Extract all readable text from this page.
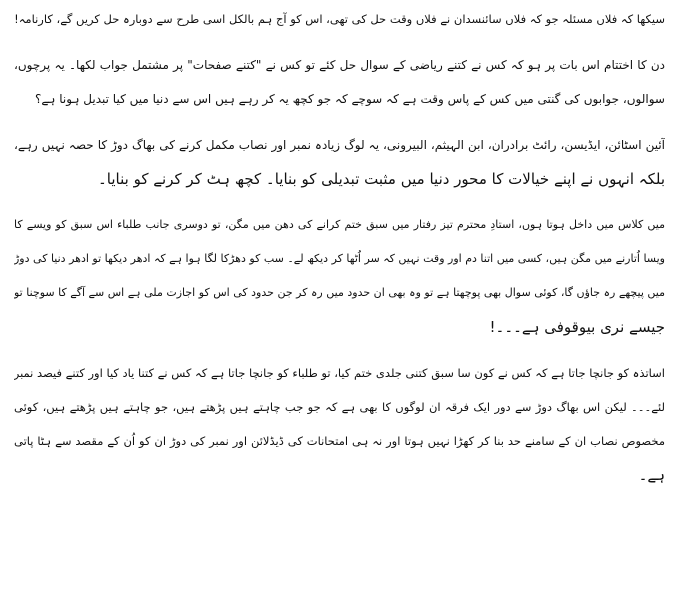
سیکھا کہ فلاں مسئلہ جو کہ فلاں سائنسدان نے فلاں وقت حل کی تھی، اس کو آج ہم بالکل اسی طرح سے دوبارہ حل کریں گے، کارنامہ!
دن کا اختتام اس بات پر ہو کہ کس نے کتنے ریاضی کے سوال حل کئے تو کس نے "کتنے صفحات" پر مشتمل جواب لکھا۔ یہ پرچوں،
سوالوں، جوابوں کی گنتی میں کس کے پاس وقت ہے کہ سوچے کہ جو کچھ یہ کر رہے ہیں اس سے دنیا میں کیا تبدیل ہونا ہے؟
آئین اسٹائن، ایڈیسن، رائٹ برادران، ابن الہیثم، البیرونی، یہ لوگ زیادہ نمبر اور نصاب مکمل کرنے کی بھاگ دوڑ کا حصہ نہیں رہے،
بلکہ انہوں نے اپنے خیالات کا محور دنیا میں مثبت تبدیلی کو بنایا۔ کچھ ہٹ کر کرنے کو بنایا۔
میں کلاس میں داخل ہوتا ہوں، استادِ محترم تیز رفتار میں سبق ختم کرانے کی دھن میں مگن، تو دوسری جانب طلباء اس سبق کو ویسے کا
ویسا اُتارنے میں مگن ہیں، کسی میں اتنا دم اور وقت نہیں کہ سر اُٹھا کر دیکھ لے۔ سب کو دھڑکا لگا ہوا ہے کہ ادھر دیکھا تو ادھر دنیا کی دوڑ
میں پیچھے رہ جاؤں گا، کوئی سوال بھی پوچھتا ہے تو وہ بھی ان حدود میں رہ کر جن حدود کی اس کو اجازت ملی ہے اس سے آگے کا سوچنا تو
جیسے نری بیوقوفی ہے۔۔۔!
اساتذہ کو جانچا جاتا ہے کہ کس نے کون سا سبق کتنی جلدی ختم کیا، تو طلباء کو جانچا جاتا ہے کہ کس نے کتنا یاد کیا اور کتنے فیصد نمبر
لئے۔۔۔ لیکن اس بھاگ دوڑ سے دور ایک فرقہ ان لوگوں کا بھی ہے کہ جو جب چاہتے ہیں پڑھتے ہیں، جو چاہتے ہیں پڑھتے ہیں، کوئی
مخصوص نصاب ان کے سامنے حد بنا کر کھڑا نہیں ہوتا اور نہ ہی امتحانات کی ڈیڈلائن اور نمبر کی دوڑ ان کو اُن کے مقصد سے ہٹا پاتی
ہے۔
